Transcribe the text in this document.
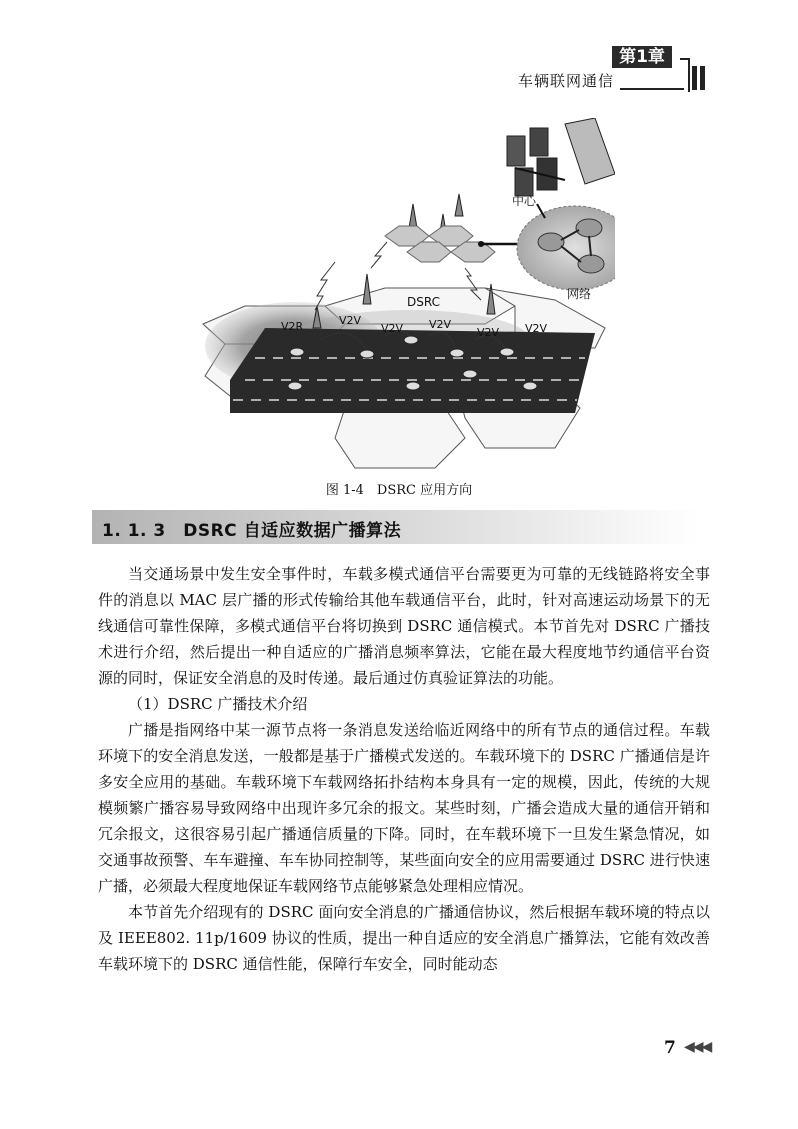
第1章
车辆联网通信
中心
网络
DSRC
V2R	V2V
V2V V2V
V2V V2V
图 1-4　DSRC 应用方向
1. 1. 3　DSRC 自适应数据广播算法

当交通场景中发生安全事件时，车载多模式通信平台需要更为可靠的无线链路将安全事件的消息以 MAC 层广播的形式传输给其他车载通信平台，此时，针对高速运动场景下的无线通信可靠性保障，多模式通信平台将切换到 DSRC 通信模式。本节首先对 DSRC 广播技术进行介绍，然后提出一种自适应的广播消息频率算法，它能在最大程度地节约通信平台资源的同时，保证安全消息的及时传递。最后通过仿真验证算法的功能。

（1）DSRC 广播技术介绍

广播是指网络中某一源节点将一条消息发送给临近网络中的所有节点的通信过程。车载环境下的安全消息发送，一般都是基于广播模式发送的。车载环境下的 DSRC 广播通信是许多安全应用的基础。车载环境下车载网络拓扑结构本身具有一定的规模，因此，传统的大规模频繁广播容易导致网络中出现许多冗余的报文。某些时刻，广播会造成大量的通信开销和冗余报文，这很容易引起广播通信质量的下降。同时，在车载环境下一旦发生紧急情况，如交通事故预警、车车避撞、车车协同控制等，某些面向安全的应用需要通过 DSRC 进行快速广播，必须最大程度地保证车载网络节点能够紧急处理相应情况。

本节首先介绍现有的 DSRC 面向安全消息的广播通信协议，然后根据车载环境的特点以及 IEEE802. 11p/1609 协议的性质，提出一种自适应的安全消息广播算法，它能有效改善车载环境下的 DSRC 通信性能，保障行车安全，同时能动态

7 ◀◀◀
